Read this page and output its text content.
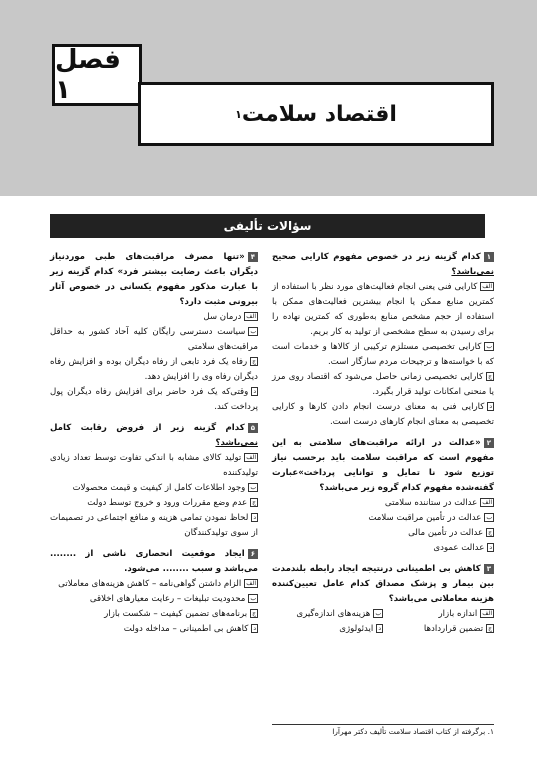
فصل ۱
اقتصاد سلامت
۱
سؤالات تألیفی
۱کدام گزینه زیر در خصوص مفهوم کارایی صحیح نمی‌باشد؟
الفکارایی فنی یعنی انجام فعالیت‌های مورد نظر با استفاده از کمترین منابع ممکن یا انجام بیشترین فعالیت‌های ممکن با استفاده از حجم مشخص منابع به‌طوری که کمترین نهاده را برای رسیدن به سطح مشخصی از تولید به کار بریم.
بکارایی تخصیصی مستلزم ترکیبی از کالاها و خدمات است که با خواسته‌ها و ترجیحات مردم سازگار است.
جکارایی تخصیصی زمانی حاصل می‌شود که اقتصاد روی مرز یا منحنی امکانات تولید قرار بگیرد.
دکارایی فنی به معنای درست انجام دادن کارها و کارایی تخصیصی به معنای انجام کارهای درست است.
۲«عدالت در ارائه مراقبت‌های سلامتی به این مفهوم است که مراقبت سلامت باید برحسب نیاز توزیع شود نا تمایل و توانایی پرداخت»عبارت گفته‌شده مفهوم کدام گروه زیر می‌باشد؟
الفعدالت در ستاننده سلامتی
بعدالت در تأمین مراقبت سلامت
جعدالت در تأمین مالی
دعدالت عمودی
۳کاهش بی اطمینانی درنتیجه ایجاد رابطه بلندمدت بین بیمار و پزشک مصداق کدام عامل تعیین‌کننده هزینه معاملاتی می‌باشد؟
الفاندازه بازار
بهزینه‌های اندازه‌گیری
جتضمین قراردادها
دایدئولوژی
۴«تنها مصرف مراقبت‌های طبی موردنیاز دیگران باعث رضایت بیشتر فرد» کدام گزینه زیر با عبارت مذکور مفهوم یکسانی در خصوص آثار بیرونی مثبت دارد؟
الفدرمان سل
بسیاست دسترسی رایگان کلیه آحاد کشور به حداقل مراقبت‌های سلامتی
جرفاه یک فرد تابعی از رفاه دیگران بوده و افزایش رفاه دیگران رفاه وی را افزایش دهد.
دوقتی‌که یک فرد حاضر برای افزایش رفاه دیگران پول پرداخت کند.
۵کدام گزینه زیر از فروض رقابت کامل نمی‌باشد؟
الفتولید کالای مشابه با اندکی تفاوت توسط تعداد زیادی تولیدکننده
بوجود اطلاعات کامل از کیفیت و قیمت محصولات
جعدم وضع مقررات ورود و خروج توسط دولت
دلحاظ نمودن تمامی هزینه و منافع اجتماعی در تصمیمات از سوی تولیدکنندگان
۶ایجاد موقعیت انحصاری ناشی از ........ می‌باشد و سبب ........ می‌شود.
الفالزام داشتن گواهی‌نامه – کاهش هزینه‌های معاملاتی
بمحدودیت تبلیغات – رعایت معیارهای اخلاقی
جبرنامه‌های تضمین کیفیت – شکست بازار
دکاهش بی اطمینانی – مداخله دولت
۱. برگرفته از کتاب اقتصاد سلامت تألیف دکتر مهرآرا
